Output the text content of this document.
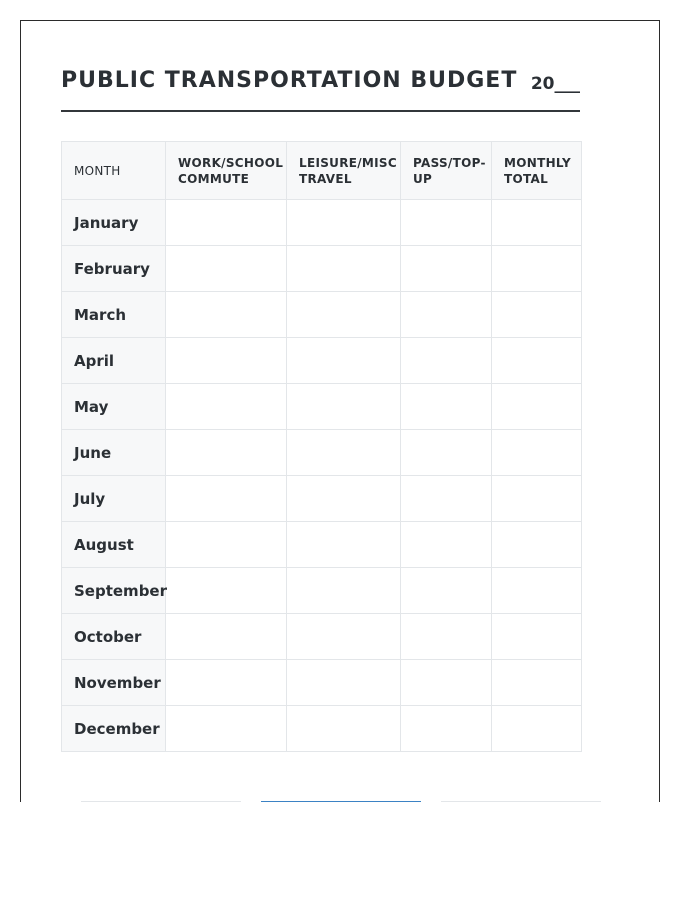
PUBLIC TRANSPORTATION BUDGET 20___
MONTH	WORK/SCHOOL COMMUTE	LEISURE/MISC TRAVEL	PASS/TOP-UP	MONTHLY TOTAL
January				
February				
March				
April				
May				
June				
July				
August				
September				
October				
November				
December				
